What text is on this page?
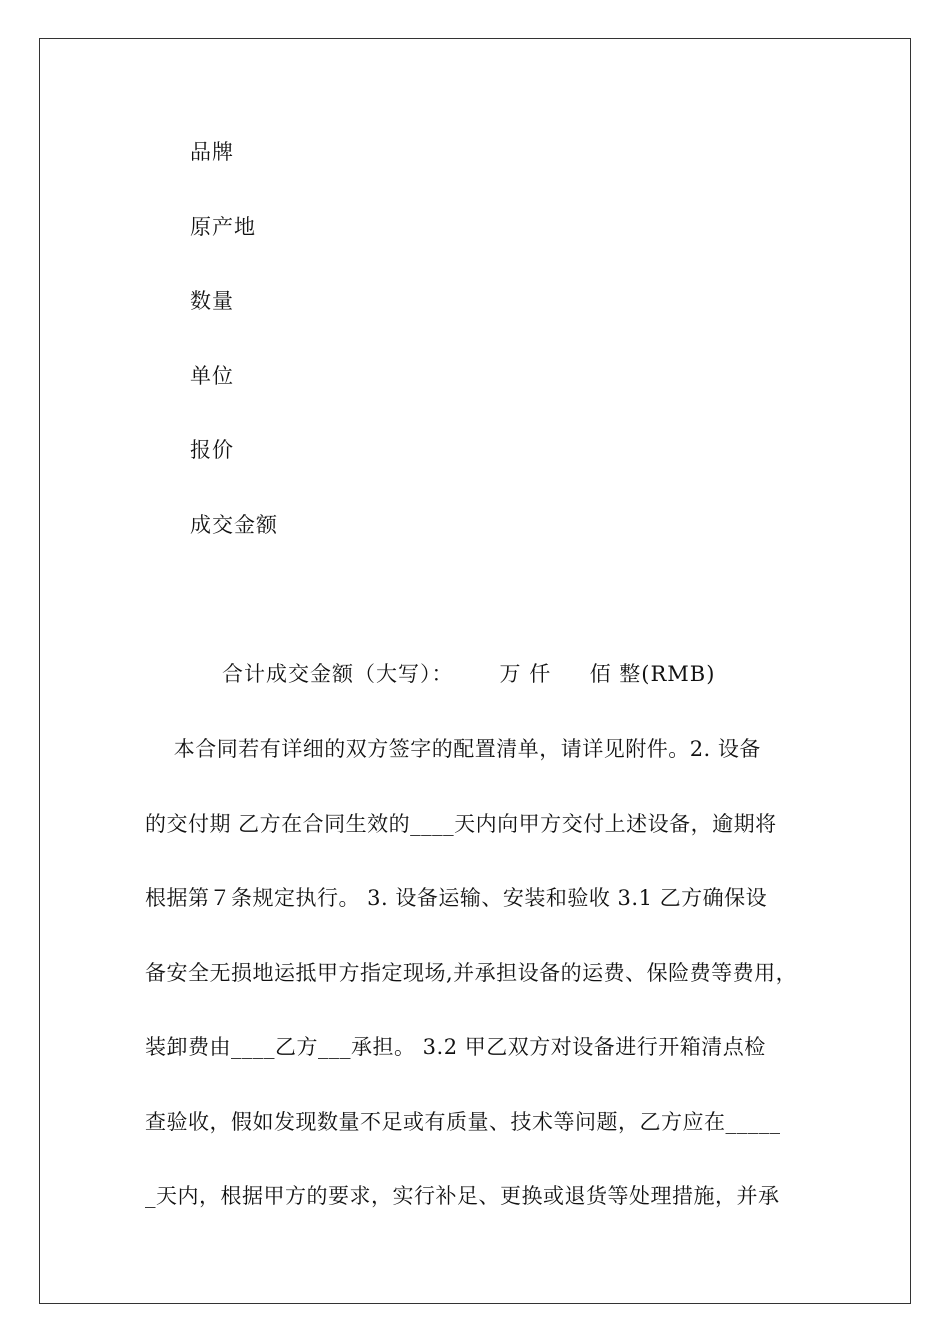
品牌
原产地
数量
单位
报价
成交金额
合计成交金额（大写）：      万 仟     佰 整(RMB)
本合同若有详细的双方签字的配置清单，请详见附件。2. 设备
的交付期 乙方在合同生效的____天内向甲方交付上述设备，逾期将
根据第７条规定执行。 3. 设备运输、安装和验收 3.1 乙方确保设
备安全无损地运抵甲方指定现场,并承担设备的运费、保险费等费用，
装卸费由____乙方___承担。 3.2 甲乙双方对设备进行开箱清点检
查验收，假如发现数量不足或有质量、技术等问题，乙方应在_____
_天内，根据甲方的要求，实行补足、更换或退货等处理措施，并承
